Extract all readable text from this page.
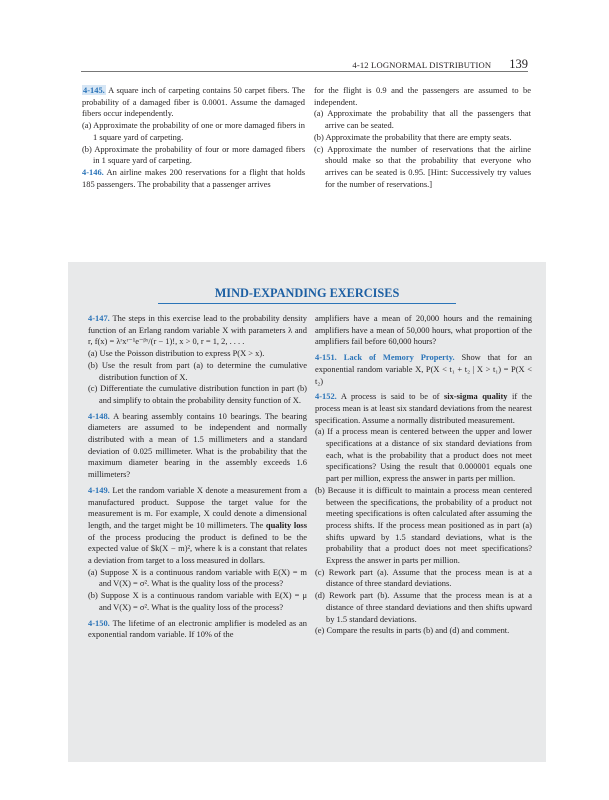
4-12 LOGNORMAL DISTRIBUTION 139

4-145. A square inch of carpeting contains 50 carpet fibers. The probability of a damaged fiber is 0.0001. Assume the damaged fibers occur independently.

(a) Approximate the probability of one or more damaged fibers in 1 square yard of carpeting.

(b) Approximate the probability of four or more damaged fibers in 1 square yard of carpeting.

4-146. An airline makes 200 reservations for a flight that holds 185 passengers. The probability that a passenger arrives

for the flight is 0.9 and the passengers are assumed to be independent.

(a) Approximate the probability that all the passengers that arrive can be seated.

(b) Approximate the probability that there are empty seats.

(c) Approximate the number of reservations that the airline should make so that the probability that everyone who arrives can be seated is 0.95. [Hint: Successively try values for the number of reservations.]

MIND-EXPANDING EXERCISES

4-147. The steps in this exercise lead to the probability density function of an Erlang random variable X with parameters λ and r, f(x) = λʳxʳ⁻¹e⁻ᵝˣ/(r − 1)!, x > 0, r = 1, 2, . . . .

(a) Use the Poisson distribution to express P(X > x).

(b) Use the result from part (a) to determine the cumulative distribution function of X.

(c) Differentiate the cumulative distribution function in part (b) and simplify to obtain the probability density function of X.

4-148. A bearing assembly contains 10 bearings. The bearing diameters are assumed to be independent and normally distributed with a mean of 1.5 millimeters and a standard deviation of 0.025 millimeter. What is the probability that the maximum diameter bearing in the assembly exceeds 1.6 millimeters?

4-149. Let the random variable X denote a measurement from a manufactured product. Suppose the target value for the measurement is m. For example, X could denote a dimensional length, and the target might be 10 millimeters. The quality loss of the process producing the product is defined to be the expected value of $k(X − m)², where k is a constant that relates a deviation from target to a loss measured in dollars.

(a) Suppose X is a continuous random variable with E(X) = m and V(X) = σ². What is the quality loss of the process?

(b) Suppose X is a continuous random variable with E(X) = μ and V(X) = σ². What is the quality loss of the process?

4-150. The lifetime of an electronic amplifier is modeled as an exponential random variable. If 10% of the

amplifiers have a mean of 20,000 hours and the remaining amplifiers have a mean of 50,000 hours, what proportion of the amplifiers fail before 60,000 hours?

4-151. Lack of Memory Property. Show that for an exponential random variable X, P(X < t₁ + t₂ | X > t₁) = P(X < t₂)

4-152. A process is said to be of six-sigma quality if the process mean is at least six standard deviations from the nearest specification. Assume a normally distributed measurement.

(a) If a process mean is centered between the upper and lower specifications at a distance of six standard deviations from each, what is the probability that a product does not meet specifications? Using the result that 0.000001 equals one part per million, express the answer in parts per million.

(b) Because it is difficult to maintain a process mean centered between the specifications, the probability of a product not meeting specifications is often calculated after assuming the process shifts. If the process mean positioned as in part (a) shifts upward by 1.5 standard deviations, what is the probability that a product does not meet specifications? Express the answer in parts per million.

(c) Rework part (a). Assume that the process mean is at a distance of three standard deviations.

(d) Rework part (b). Assume that the process mean is at a distance of three standard deviations and then shifts upward by 1.5 standard deviations.

(e) Compare the results in parts (b) and (d) and comment.
